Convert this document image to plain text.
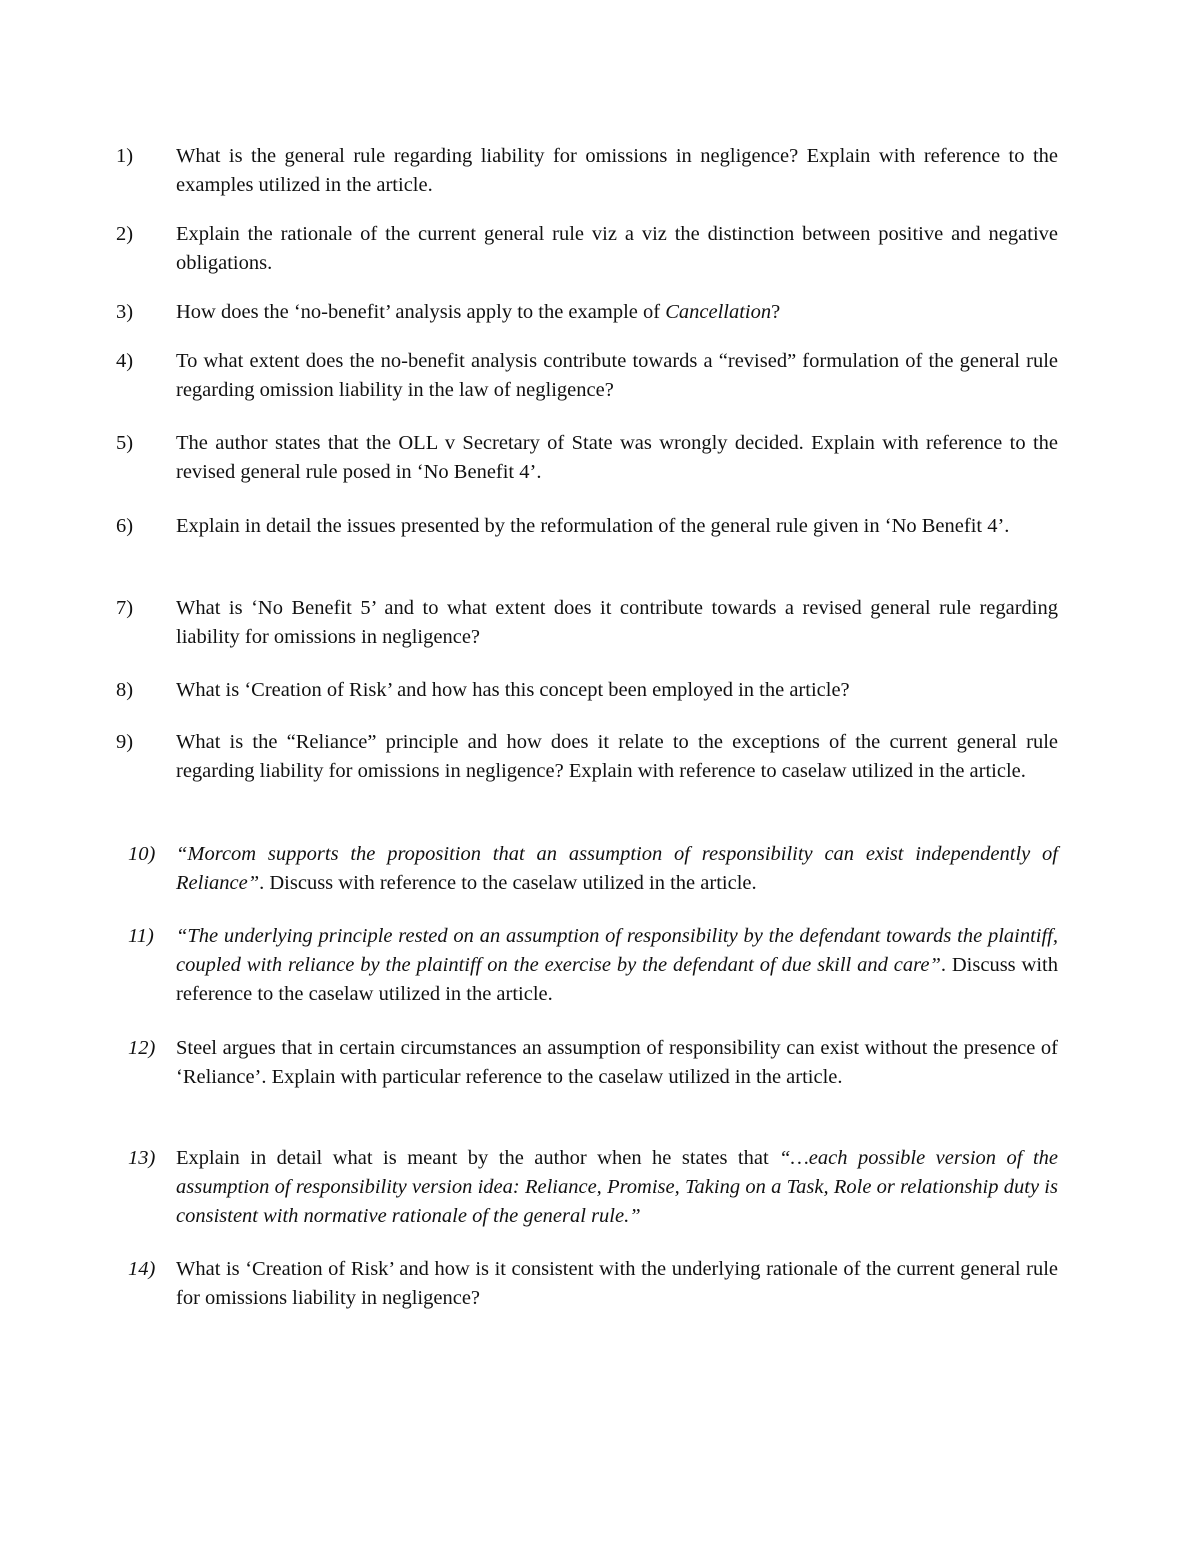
1)	What is the general rule regarding liability for omissions in negligence? Explain with reference to the examples utilized in the article.
2)	Explain the rationale of the current general rule viz a viz the distinction between positive and negative obligations.
3)	How does the ‘no-benefit’ analysis apply to the example of Cancellation?
4)	To what extent does the no-benefit analysis contribute towards a “revised” formulation of the general rule regarding omission liability in the law of negligence?
5)	The author states that the OLL v Secretary of State was wrongly decided. Explain with reference to the revised general rule posed in ‘No Benefit 4’.
6)	Explain in detail the issues presented by the reformulation of the general rule given in ‘No Benefit 4’.
7)	What is ‘No Benefit 5’ and to what extent does it contribute towards a revised general rule regarding liability for omissions in negligence?
8)	What is ‘Creation of Risk’ and how has this concept been employed in the article?
9)	What is the “Reliance” principle and how does it relate to the exceptions of the current general rule regarding liability for omissions in negligence? Explain with reference to caselaw utilized in the article.
10)	“Morcom supports the proposition that an assumption of responsibility can exist independently of Reliance”. Discuss with reference to the caselaw utilized in the article.
11)	“The underlying principle rested on an assumption of responsibility by the defendant towards the plaintiff, coupled with reliance by the plaintiff on the exercise by the defendant of due skill and care”. Discuss with reference to the caselaw utilized in the article.
12)	Steel argues that in certain circumstances an assumption of responsibility can exist without the presence of ‘Reliance’. Explain with particular reference to the caselaw utilized in the article.
13)	Explain in detail what is meant by the author when he states that “…each possible version of the assumption of responsibility version idea: Reliance, Promise, Taking on a Task, Role or relationship duty is consistent with normative rationale of the general rule.”
14)	What is ‘Creation of Risk’ and how is it consistent with the underlying rationale of the current general rule for omissions liability in negligence?
